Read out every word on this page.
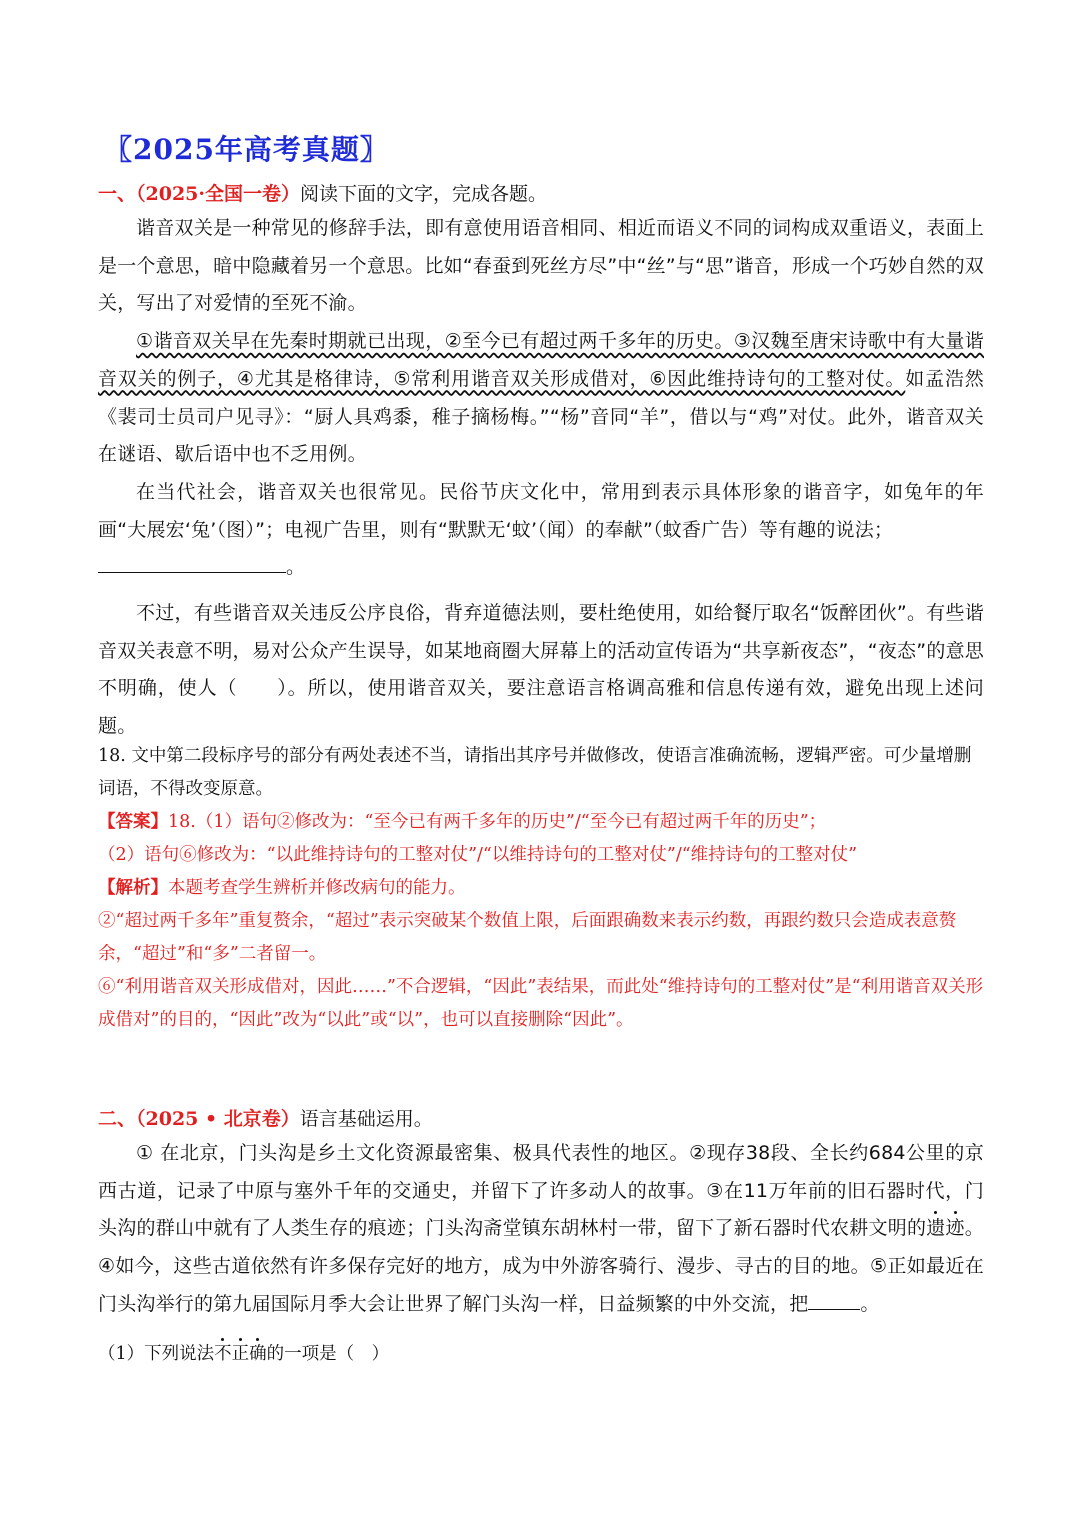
〖2025年高考真题〗
一、（2025·全国一卷）阅读下面的文字，完成各题。

谐音双关是一种常见的修辞手法，即有意使用语音相同、相近而语义不同的词构成双重语义，表面上是一个意思，暗中隐藏着另一个意思。比如“春蚕到死丝方尽”中“丝”与“思”谐音，形成一个巧妙自然的双关，写出了对爱情的至死不渝。

①谐音双关早在先秦时期就已出现，②至今已有超过两千多年的历史。③汉魏至唐宋诗歌中有大量谐音双关的例子，④尤其是格律诗，⑤常利用谐音双关形成借对，⑥因此维持诗句的工整对仗。如孟浩然《裴司士员司户见寻》：“厨人具鸡黍，稚子摘杨梅。”“杨”音同“羊”，借以与“鸡”对仗。此外，谐音双关在谜语、歇后语中也不乏用例。

在当代社会，谐音双关也很常见。民俗节庆文化中，常用到表示具体形象的谐音字，如兔年的年画“大展宏‘兔’（图）”；电视广告里，则有“默默无‘蚊’（闻）的奉献”（蚊香广告）等有趣的说法；

。

不过，有些谐音双关违反公序良俗，背弃道德法则，要杜绝使用，如给餐厅取名“饭醉团伙”。有些谐音双关表意不明，易对公众产生误导，如某地商圈大屏幕上的活动宣传语为“共享新夜态”，“夜态”的意思不明确，使人（　　）。所以，使用谐音双关，要注意语言格调高雅和信息传递有效，避免出现上述问题。

18. 文中第二段标序号的部分有两处表述不当，请指出其序号并做修改，使语言准确流畅，逻辑严密。可少量增删词语，不得改变原意。

【答案】18.（1）语句②修改为：“至今已有两千多年的历史”/“至今已有超过两千年的历史”；

（2）语句⑥修改为：“以此维持诗句的工整对仗”/“以维持诗句的工整对仗”/“维持诗句的工整对仗”

【解析】本题考查学生辨析并修改病句的能力。

②“超过两千多年”重复赘余，“超过”表示突破某个数值上限，后面跟确数来表示约数，再跟约数只会造成表意赘余，“超过”和“多”二者留一。

⑥“利用谐音双关形成借对，因此……”不合逻辑，“因此”表结果，而此处“维持诗句的工整对仗”是“利用谐音双关形成借对”的目的，“因此”改为“以此”或“以”，也可以直接删除“因此”。

二、（2025 • 北京卷）语言基础运用。

① 在北京，门头沟是乡土文化资源最密集、极具代表性的地区。②现存38段、全长约684公里的京西古道，记录了中原与塞外千年的交通史，并留下了许多动人的故事。③在11万年前的旧石器时代，门头沟的群山中就有了人类生存的痕迹；门头沟斋堂镇东胡林村一带，留下了新石器时代农耕文明的遗迹。④如今，这些古道依然有许多保存完好的地方，成为中外游客骑行、漫步、寻古的目的地。⑤正如最近在门头沟举行的第九届国际月季大会让世界了解门头沟一样，日益频繁的中外交流，把	。

（1）下列说法不正确的一项是（　）
